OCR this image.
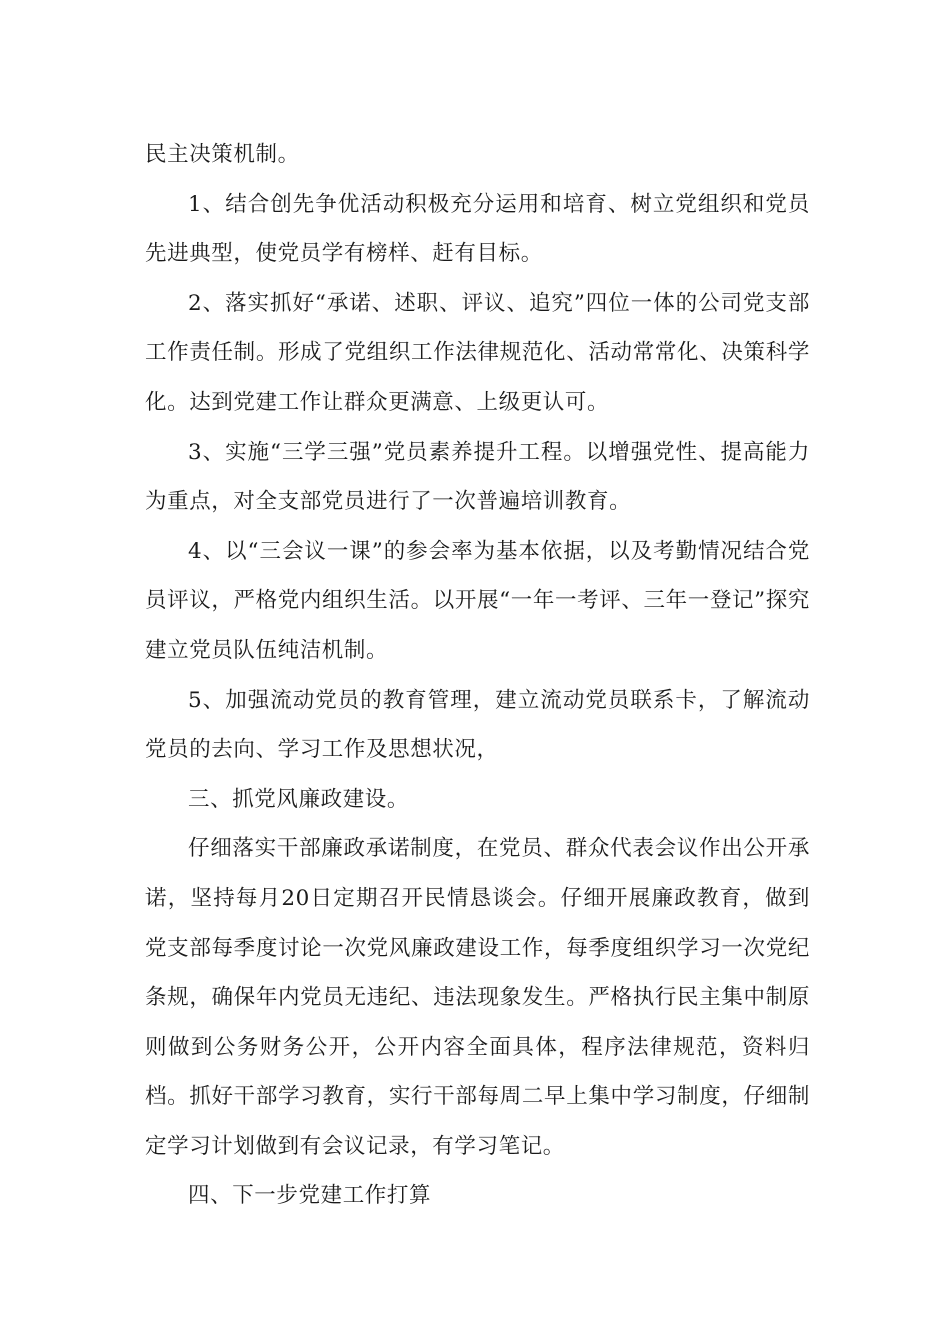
民主决策机制。

1、结合创先争优活动积极充分运用和培育、树立党组织和党员先进典型，使党员学有榜样、赶有目标。

2、落实抓好“承诺、述职、评议、追究”四位一体的公司党支部工作责任制。形成了党组织工作法律规范化、活动常常化、决策科学化。达到党建工作让群众更满意、上级更认可。

3、实施“三学三强”党员素养提升工程。以增强党性、提高能力为重点，对全支部党员进行了一次普遍培训教育。

4、以“三会议一课”的参会率为基本依据，以及考勤情况结合党员评议，严格党内组织生活。以开展“一年一考评、三年一登记”探究建立党员队伍纯洁机制。

5、加强流动党员的教育管理，建立流动党员联系卡，了解流动党员的去向、学习工作及思想状况，

三、抓党风廉政建设。

仔细落实干部廉政承诺制度，在党员、群众代表会议作出公开承诺，坚持每月20日定期召开民情恳谈会。仔细开展廉政教育，做到党支部每季度讨论一次党风廉政建设工作，每季度组织学习一次党纪条规，确保年内党员无违纪、违法现象发生。严格执行民主集中制原则做到公务财务公开，公开内容全面具体，程序法律规范，资料归档。抓好干部学习教育，实行干部每周二早上集中学习制度，仔细制定学习计划做到有会议记录，有学习笔记。

四、下一步党建工作打算
